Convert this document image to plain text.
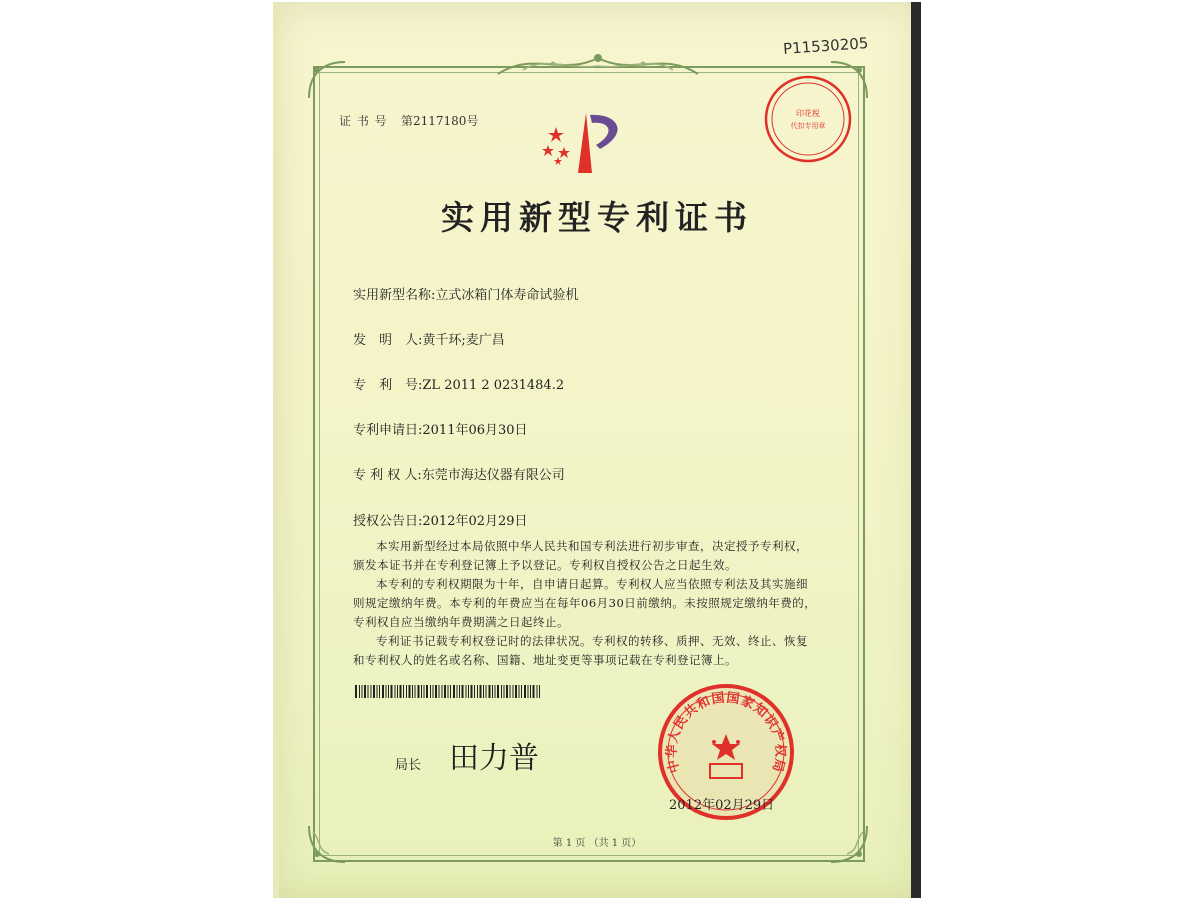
P11530205
印花税
代扣专用章
证 书 号 第2117180号
实用新型专利证书
实用新型名称:立式冰箱门体寿命试验机
发　明　人:黄千环;麦广昌
专　利　号:ZL 2011 2 0231484.2
专利申请日:2011年06月30日
专 利 权 人:东莞市海达仪器有限公司
授权公告日:2012年02月29日

本实用新型经过本局依照中华人民共和国专利法进行初步审查，决定授予专利权，颁发本证书并在专利登记簿上予以登记。专利权自授权公告之日起生效。

本专利的专利权期限为十年，自申请日起算。专利权人应当依照专利法及其实施细则规定缴纳年费。本专利的年费应当在每年06月30日前缴纳。未按照规定缴纳年费的，专利权自应当缴纳年费期满之日起终止。

专利证书记载专利权登记时的法律状况。专利权的转移、质押、无效、终止、恢复和专利权人的姓名或名称、国籍、地址变更等事项记载在专利登记簿上。

局长 田力普	中华人民共和国国家知识产权局
2012年02月29日
第 1 页 （共 1 页）
